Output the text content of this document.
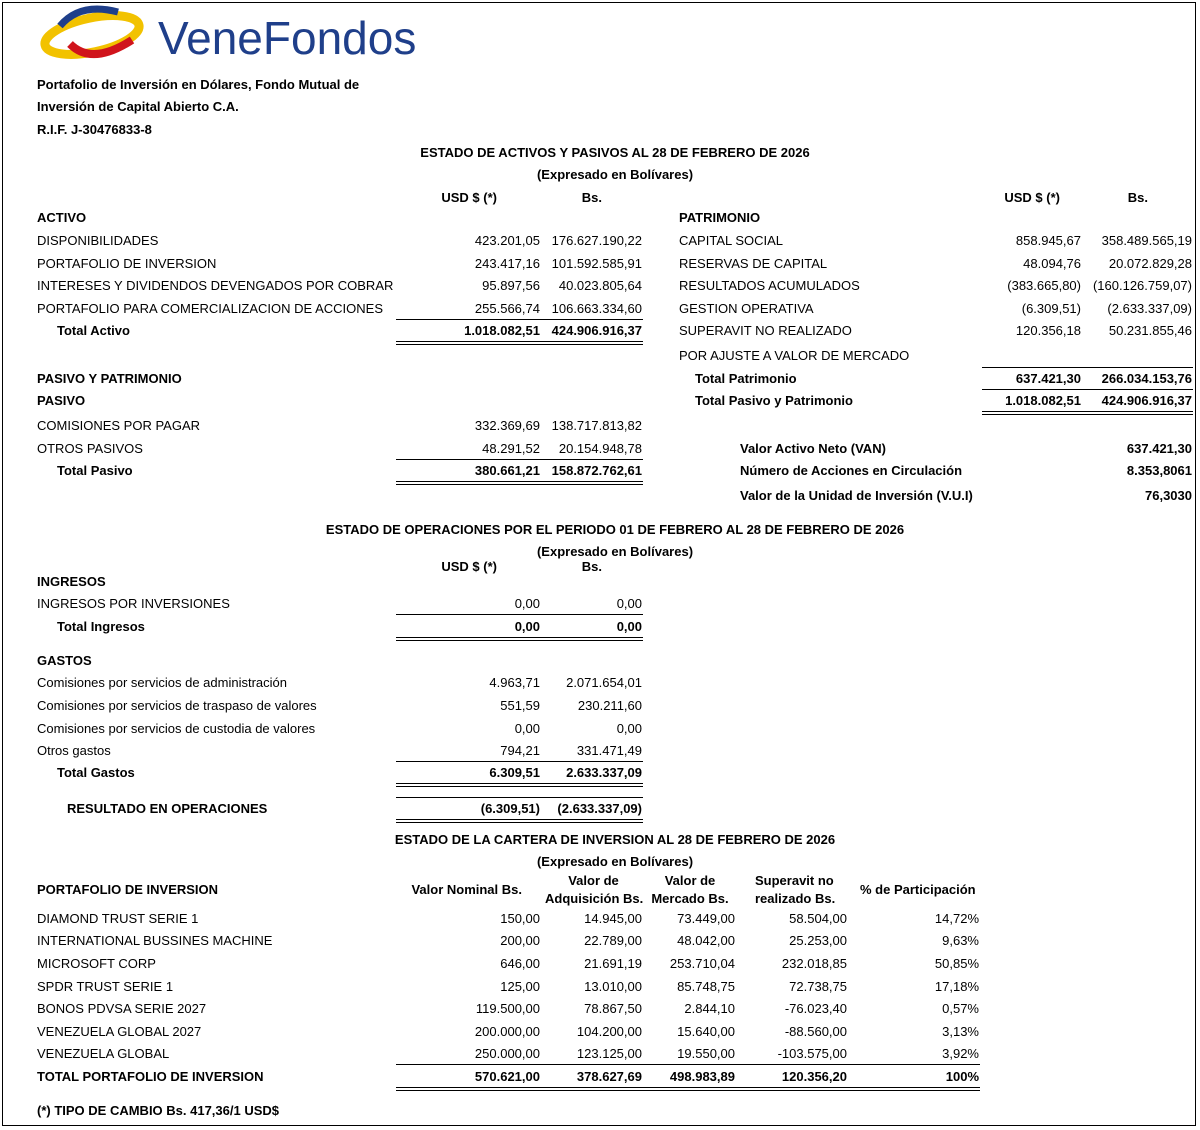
VeneFondos
Portafolio de Inversión en Dólares, Fondo Mutual de
Inversión de Capital Abierto C.A.
R.I.F. J-30476833-8
ESTADO DE ACTIVOS Y PASIVOS AL 28 DE FEBRERO DE 2026
(Expresado en Bolívares)
USD $ (*)	Bs.	USD $ (*)	Bs.
ACTIVO
DISPONIBILIDADES	423.201,05 176.627.190,22
PORTAFOLIO DE INVERSION	243.417,16 101.592.585,91
INTERESES Y DIVIDENDOS DEVENGADOS POR COBRAR	95.897,56	40.023.805,64
PORTAFOLIO PARA COMERCIALIZACION DE ACCIONES	255.566,74 106.663.334,60
Total Activo	1.018.082,51 424.906.916,37
PASIVO Y PATRIMONIO
PASIVO
COMISIONES POR PAGAR	332.369,69 138.717.813,82
OTROS PASIVOS	48.291,52	20.154.948,78
Total Pasivo	380.661,21 158.872.762,61
PATRIMONIO
CAPITAL SOCIAL	858.945,67	358.489.565,19
RESERVAS DE CAPITAL	48.094,76	20.072.829,28
RESULTADOS ACUMULADOS	(383.665,80) (160.126.759,07)
GESTION OPERATIVA	(6.309,51)	(2.633.337,09)
SUPERAVIT NO REALIZADO	120.356,18	50.231.855,46
POR AJUSTE A VALOR DE MERCADO
Total Patrimonio	637.421,30	266.034.153,76
Total Pasivo y Patrimonio	1.018.082,51	424.906.916,37
Valor Activo Neto (VAN)	637.421,30
Número de Acciones en Circulación	8.353,8061
Valor de la Unidad de Inversión (V.U.I)	76,3030
ESTADO DE OPERACIONES POR EL PERIODO 01 DE FEBRERO AL 28 DE FEBRERO DE 2026
(Expresado en Bolívares)
USD $ (*)	Bs.
INGRESOS
INGRESOS POR INVERSIONES	0,00	0,00
Total Ingresos	0,00	0,00
GASTOS
Comisiones por servicios de administración	4.963,71	2.071.654,01
Comisiones por servicios de traspaso de valores	551,59	230.211,60
Comisiones por servicios de custodia de valores	0,00	0,00
Otros gastos	794,21	331.471,49
Total Gastos	6.309,51	2.633.337,09
RESULTADO EN OPERACIONES	(6.309,51)	(2.633.337,09)
ESTADO DE LA CARTERA DE INVERSION AL 28 DE FEBRERO DE 2026
(Expresado en Bolívares)
PORTAFOLIO DE INVERSION	Valor Nominal Bs.
Valor de
Adquisición Bs.
Valor de
Mercado Bs.
Superavit no
realizado Bs.
% de Participación
DIAMOND TRUST SERIE 1	150,00	14.945,00	73.449,00	58.504,00	14,72%
INTERNATIONAL BUSSINES MACHINE	200,00	22.789,00	48.042,00	25.253,00	9,63%
MICROSOFT CORP	646,00	21.691,19	253.710,04	232.018,85	50,85%
SPDR TRUST SERIE 1	125,00	13.010,00	85.748,75	72.738,75	17,18%
BONOS PDVSA SERIE 2027	119.500,00	78.867,50	2.844,10	-76.023,40	0,57%
VENEZUELA GLOBAL 2027	200.000,00	104.200,00	15.640,00	-88.560,00	3,13%
VENEZUELA GLOBAL	250.000,00	123.125,00	19.550,00	-103.575,00	3,92%
TOTAL PORTAFOLIO DE INVERSION	570.621,00	378.627,69	498.983,89	120.356,20	100%
(*) TIPO DE CAMBIO Bs. 417,36/1 USD$
